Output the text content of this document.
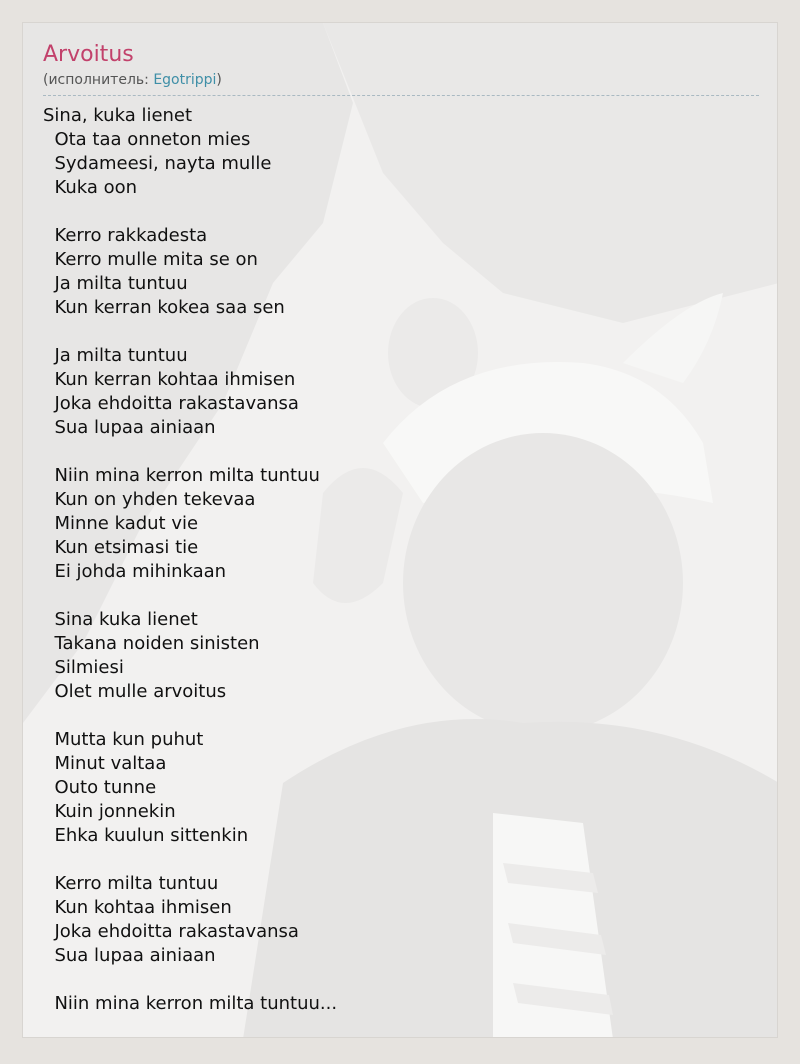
Arvoitus
(исполнитель: Egotrippi)
Sina, kuka lienet
Ota taa onneton mies
Sydameesi, nayta mulle
Kuka oon
Kerro rakkadesta
Kerro mulle mita se on
Ja milta tuntuu
Kun kerran kokea saa sen
Ja milta tuntuu
Kun kerran kohtaa ihmisen
Joka ehdoitta rakastavansa
Sua lupaa ainiaan
Niin mina kerron milta tuntuu
Kun on yhden tekevaa
Minne kadut vie
Kun etsimasi tie
Ei johda mihinkaan
Sina kuka lienet
Takana noiden sinisten
Silmiesi
Olet mulle arvoitus
Mutta kun puhut
Minut valtaa
Outo tunne
Kuin jonnekin
Ehka kuulun sittenkin
Kerro milta tuntuu
Kun kohtaa ihmisen
Joka ehdoitta rakastavansa
Sua lupaa ainiaan
Niin mina kerron milta tuntuu...
